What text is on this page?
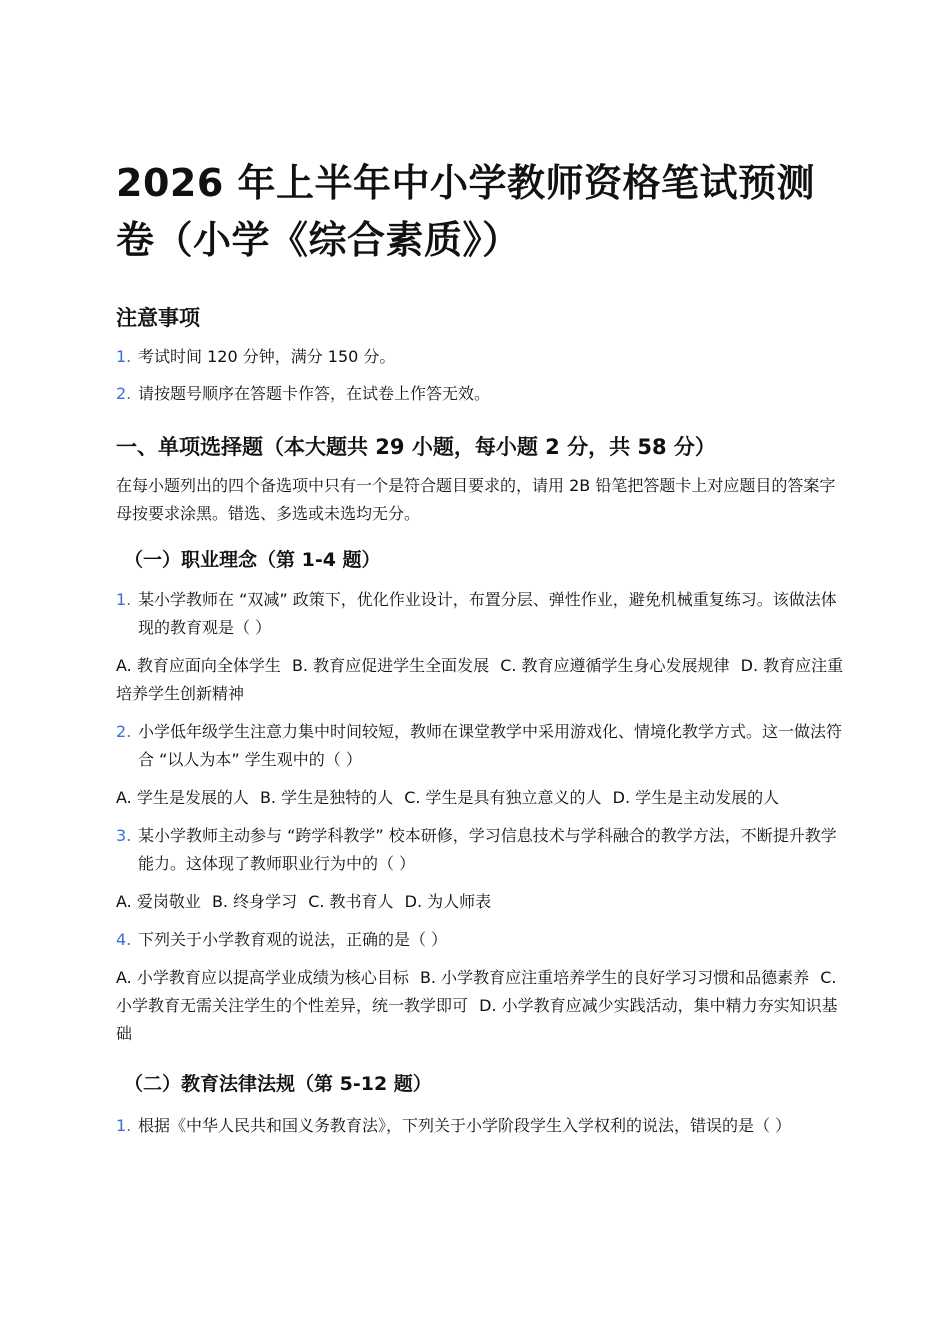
2026 年上半年中小学教师资格笔试预测卷（小学《综合素质》）
注意事项
1. 考试时间 120 分钟，满分 150 分。
2. 请按题号顺序在答题卡作答，在试卷上作答无效。
一、单项选择题（本大题共 29 小题，每小题 2 分，共 58 分）

在每小题列出的四个备选项中只有一个是符合题目要求的，请用 2B 铅笔把答题卡上对应题目的答案字母按要求涂黑。错选、多选或未选均无分。

（一）职业理念（第 1-4 题）
1. 某小学教师在 “双减” 政策下，优化作业设计，布置分层、弹性作业，避免机械重复练习。该做法体现的教育观是（ ）

A. 教育应面向全体学生 B. 教育应促进学生全面发展 C. 教育应遵循学生身心发展规律 D. 教育应注重培养学生创新精神

2. 小学低年级学生注意力集中时间较短，教师在课堂教学中采用游戏化、情境化教学方式。这一做法符合 “以人为本” 学生观中的（ ）

A. 学生是发展的人 B. 学生是独特的人 C. 学生是具有独立意义的人 D. 学生是主动发展的人

3. 某小学教师主动参与 “跨学科教学” 校本研修，学习信息技术与学科融合的教学方法，不断提升教学能力。这体现了教师职业行为中的（ ）

A. 爱岗敬业 B. 终身学习 C. 教书育人 D. 为人师表

4. 下列关于小学教育观的说法，正确的是（ ）

A. 小学教育应以提高学业成绩为核心目标 B. 小学教育应注重培养学生的良好学习习惯和品德素养 C. 小学教育无需关注学生的个性差异，统一教学即可 D. 小学教育应减少实践活动，集中精力夯实知识基础

（二）教育法律法规（第 5-12 题）
1. 根据《中华人民共和国义务教育法》，下列关于小学阶段学生入学权利的说法，错误的是（ ）
